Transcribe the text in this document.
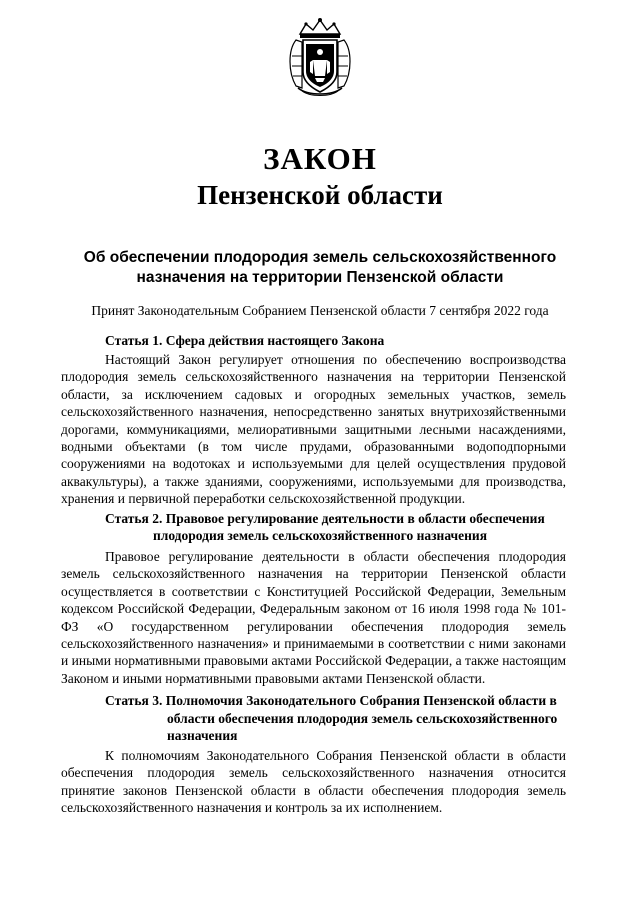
ЗАКОН
Пензенской области
Об обеспечении плодородия земель сельскохозяйственного назначения на территории Пензенской области
Принят Законодательным Собранием Пензенской области 7 сентября 2022 года
Статья 1. Сфера действия настоящего Закона
Настоящий Закон регулирует отношения по обеспечению воспроизводства плодородия земель сельскохозяйственного назначения на территории Пензенской области, за исключением садовых и огородных земельных участков, земель сельскохозяйственного назначения, непосредственно занятых внутрихозяйственными дорогами, коммуникациями, мелиоративными защитными лесными насаждениями, водными объектами (в том числе прудами, образованными водоподпорными сооружениями на водотоках и используемыми для целей осуществления прудовой аквакультуры), а также зданиями, сооружениями, используемыми для производства, хранения и первичной переработки сельскохозяйственной продукции.
Статья 2. Правовое регулирование деятельности в области обеспечения
плодородия земель сельскохозяйственного назначения
Правовое регулирование деятельности в области обеспечения плодородия земель сельскохозяйственного назначения на территории Пензенской области осуществляется в соответствии с Конституцией Российской Федерации, Земельным кодексом Российской Федерации, Федеральным законом от 16 июля 1998 года № 101-ФЗ «О государственном регулировании обеспечения плодородия земель сельскохозяйственного назначения» и принимаемыми в соответствии с ними законами и иными нормативными правовыми актами Российской Федерации, а также настоящим Законом и иными нормативными правовыми актами Пензенской области.
Статья 3. Полномочия Законодательного Собрания Пензенской области в
области обеспечения плодородия земель сельскохозяйственного
назначения
К полномочиям Законодательного Собрания Пензенской области в области обеспечения плодородия земель сельскохозяйственного назначения относится принятие законов Пензенской области в области обеспечения плодородия земель сельскохозяйственного назначения и контроль за их исполнением.
